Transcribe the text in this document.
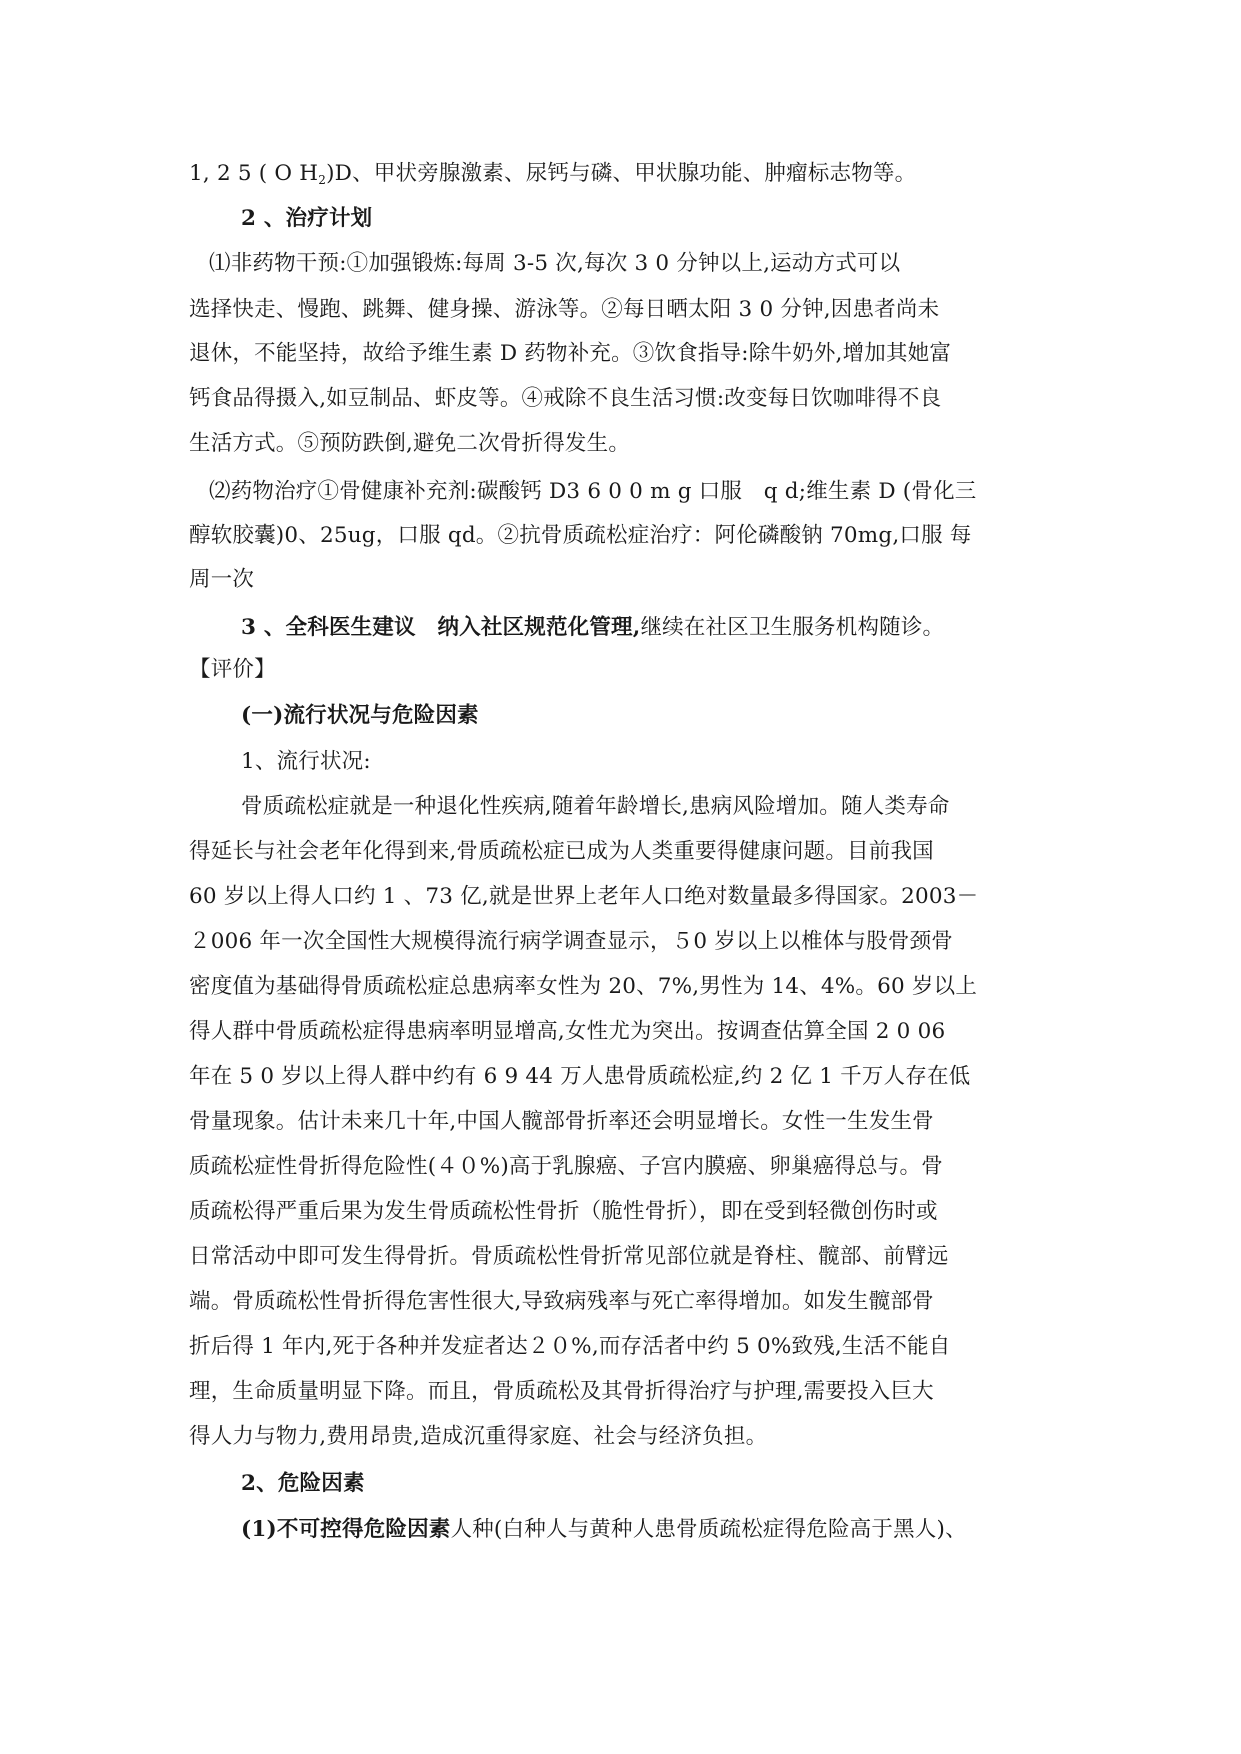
1, 2 5 ( O $H_2)D$、甲状旁腺激素、尿钙与磷、甲状腺功能、肿瘤标志物等。
2 、治疗计划
⑴非药物干预:①加强锻炼:每周 3-5 次,每次 3 0 分钟以上,运动方式可以
选择快走、慢跑、跳舞、健身操、游泳等。②每日晒太阳 3 0 分钟,因患者尚未
退休，不能坚持，故给予维生素 D 药物补充。③饮食指导:除牛奶外,增加其她富
钙食品得摄入,如豆制品、虾皮等。④戒除不良生活习惯:改变每日饮咖啡得不良
生活方式。⑤预防跌倒,避免二次骨折得发生。
⑵药物治疗①骨健康补充剂:碳酸钙 D3 6 0 0 m g 口服　q d;维生素 D (骨化三
醇软胶囊)0、25ug，口服 qd。②抗骨质疏松症治疗：阿伦磷酸钠 70mg,口服 每
周一次
3 、全科医生建议　纳入社区规范化管理,继续在社区卫生服务机构随诊。
【评价】
(一)流行状况与危险因素
1、流行状况:
骨质疏松症就是一种退化性疾病,随着年龄增长,患病风险增加。随人类寿命
得延长与社会老年化得到来,骨质疏松症已成为人类重要得健康问题。目前我国
60 岁以上得人口约 1 、73 亿,就是世界上老年人口绝对数量最多得国家。2003－
２006 年一次全国性大规模得流行病学调查显示，５0 岁以上以椎体与股骨颈骨
密度值为基础得骨质疏松症总患病率女性为 20、7%,男性为 14、4%。60 岁以上
得人群中骨质疏松症得患病率明显增高,女性尤为突出。按调查估算全国 2 0 06
年在 5 0 岁以上得人群中约有 6 9 44 万人患骨质疏松症,约 2 亿 1 千万人存在低
骨量现象。估计未来几十年,中国人髋部骨折率还会明显增长。女性一生发生骨
质疏松症性骨折得危险性(４０%)高于乳腺癌、子宫内膜癌、卵巢癌得总与。骨
质疏松得严重后果为发生骨质疏松性骨折（脆性骨折），即在受到轻微创伤时或
日常活动中即可发生得骨折。骨质疏松性骨折常见部位就是脊柱、髋部、前臂远
端。骨质疏松性骨折得危害性很大,导致病残率与死亡率得增加。如发生髋部骨
折后得 1 年内,死于各种并发症者达２０%,而存活者中约 5 0%致残,生活不能自
理，生命质量明显下降。而且，骨质疏松及其骨折得治疗与护理,需要投入巨大
得人力与物力,费用昂贵,造成沉重得家庭、社会与经济负担。
2、危险因素
(1)不可控得危险因素人种(白种人与黄种人患骨质疏松症得危险高于黑人)、
